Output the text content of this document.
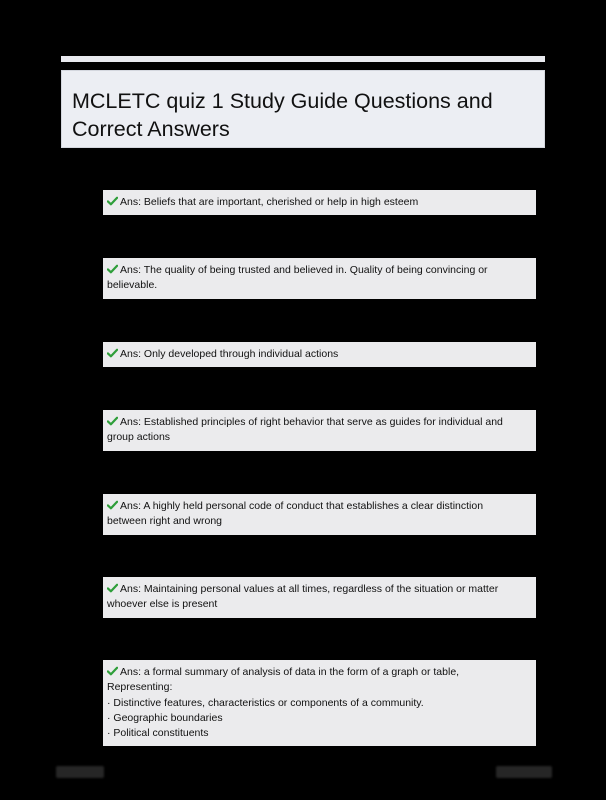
MCLETC quiz 1 Study Guide Questions and
Correct Answers
Ans: Beliefs that are important, cherished or help in high esteem
Ans: The quality of being trusted and believed in. Quality of being convincing or
believable.
Ans: Only developed through individual actions
Ans: Established principles of right behavior that serve as guides for individual and
group actions
Ans: A highly held personal code of conduct that establishes a clear distinction
between right and wrong
Ans: Maintaining personal values at all times, regardless of the situation or matter
whoever else is present
Ans: a formal summary of analysis of data in the form of a graph or table,
Representing:
· Distinctive features, characteristics or components of a community.
· Geographic boundaries
· Political constituents
